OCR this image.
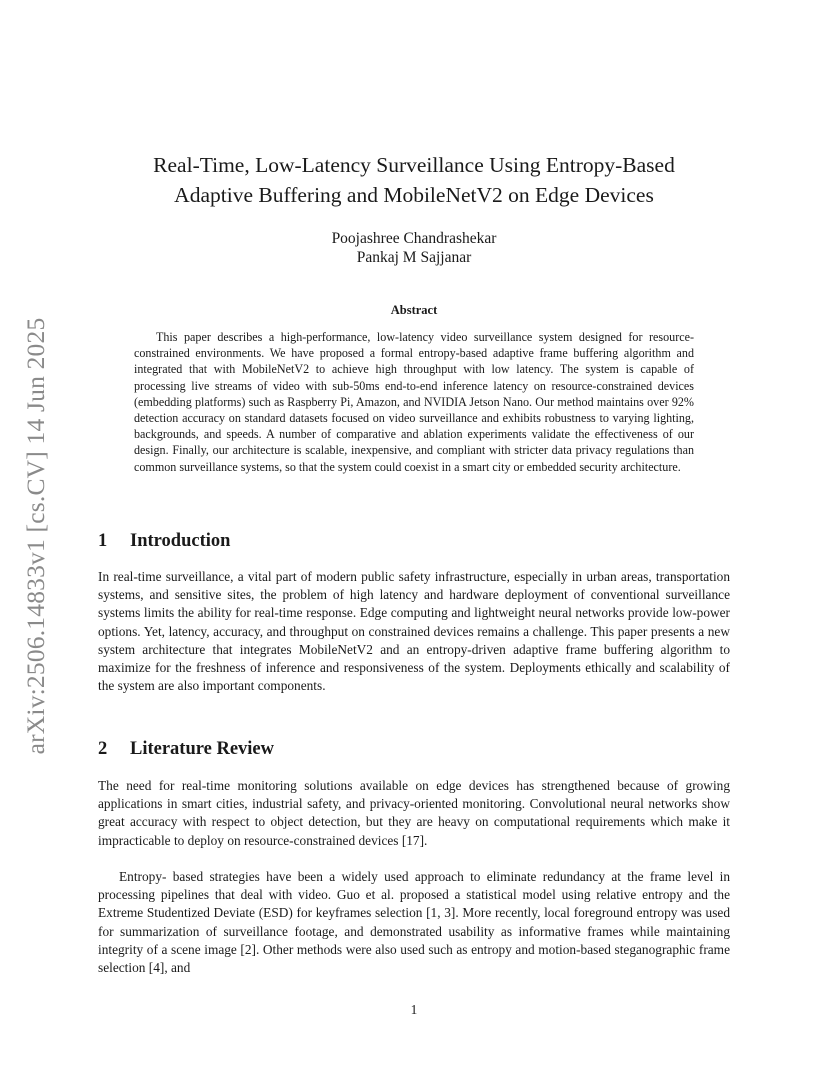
arXiv:2506.14833v1 [cs.CV] 14 Jun 2025
Real-Time, Low-Latency Surveillance Using Entropy-Based
Adaptive Buffering and MobileNetV2 on Edge Devices
Poojashree Chandrashekar
Pankaj M Sajjanar
Abstract

This paper describes a high-performance, low-latency video surveillance system designed for resource-constrained environments. We have proposed a formal entropy-based adaptive frame buffering algorithm and integrated that with MobileNetV2 to achieve high throughput with low latency. The system is capable of processing live streams of video with sub-50ms end-to-end inference latency on resource-constrained devices (embedding platforms) such as Raspberry Pi, Amazon, and NVIDIA Jetson Nano. Our method maintains over 92% detection accuracy on standard datasets focused on video surveillance and exhibits robustness to varying lighting, backgrounds, and speeds. A number of comparative and ablation experiments validate the effectiveness of our design. Finally, our architecture is scalable, inexpensive, and compliant with stricter data privacy regulations than common surveillance systems, so that the system could coexist in a smart city or embedded security architecture.

1 Introduction

In real-time surveillance, a vital part of modern public safety infrastructure, especially in urban areas, transportation systems, and sensitive sites, the problem of high latency and hardware deployment of conventional surveillance systems limits the ability for real-time response. Edge computing and lightweight neural networks provide low-power options. Yet, latency, accuracy, and throughput on constrained devices remains a challenge. This paper presents a new system architecture that integrates MobileNetV2 and an entropy-driven adaptive frame buffering algorithm to maximize for the freshness of inference and responsiveness of the system. Deployments ethically and scalability of the system are also important components.

2 Literature Review

The need for real-time monitoring solutions available on edge devices has strengthened because of growing applications in smart cities, industrial safety, and privacy-oriented monitoring. Convolutional neural networks show great accuracy with respect to object detection, but they are heavy on computational requirements which make it impracticable to deploy on resource-constrained devices [17].

Entropy- based strategies have been a widely used approach to eliminate redundancy at the frame level in processing pipelines that deal with video. Guo et al. proposed a statistical model using relative entropy and the Extreme Studentized Deviate (ESD) for keyframes selection [1, 3]. More recently, local foreground entropy was used for summarization of surveillance footage, and demonstrated usability as informative frames while maintaining integrity of a scene image [2]. Other methods were also used such as entropy and motion-based steganographic frame selection [4], and

1
